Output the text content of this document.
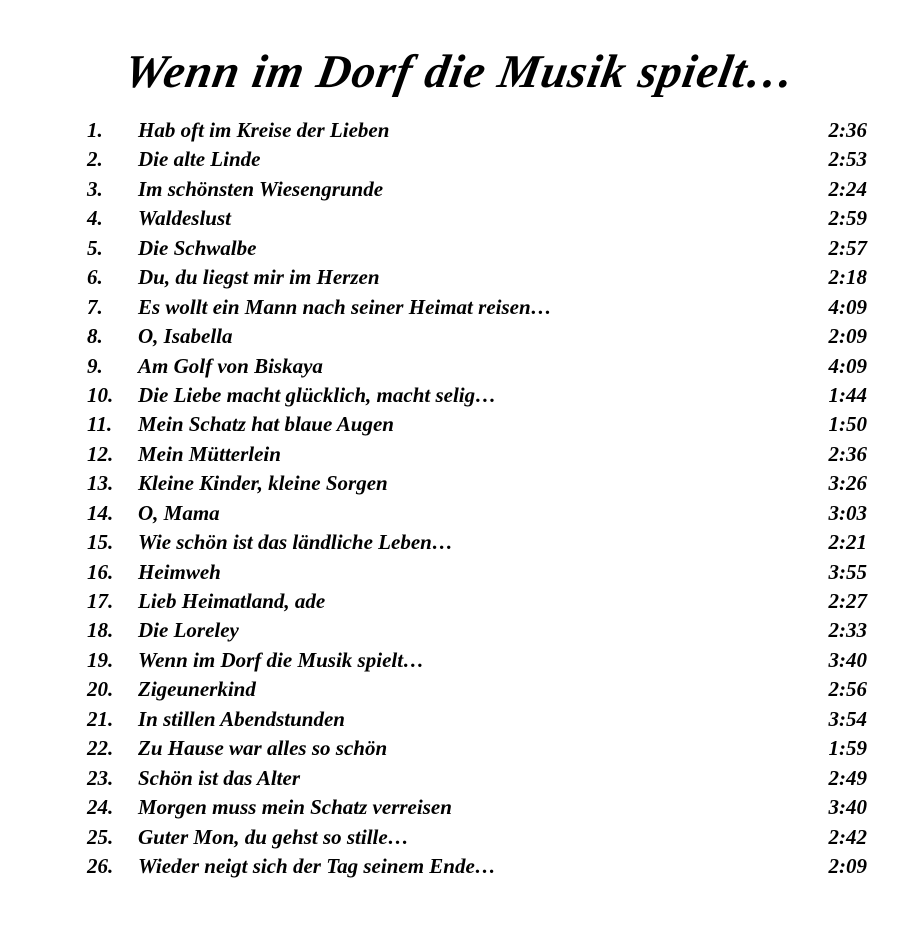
Wenn im Dorf die Musik spielt…
1. Hab oft im Kreise der Lieben	2:36
2. Die alte Linde	2:53
3. Im schönsten Wiesengrunde	2:24
4. Waldeslust	2:59
5. Die Schwalbe	2:57
6. Du, du liegst mir im Herzen	2:18
7. Es wollt ein Mann nach seiner Heimat reisen…	4:09
8. O, Isabella	2:09
9. Am Golf von Biskaya	4:09
10. Die Liebe macht glücklich, macht selig…	1:44
11. Mein Schatz hat blaue Augen	1:50
12. Mein Mütterlein	2:36
13. Kleine Kinder, kleine Sorgen	3:26
14. O, Mama	3:03
15. Wie schön ist das ländliche Leben…	2:21
16. Heimweh	3:55
17. Lieb Heimatland, ade	2:27
18. Die Loreley	2:33
19. Wenn im Dorf die Musik spielt…	3:40
20. Zigeunerkind	2:56
21. In stillen Abendstunden	3:54
22. Zu Hause war alles so schön	1:59
23. Schön ist das Alter	2:49
24. Morgen muss mein Schatz verreisen	3:40
25. Guter Mon, du gehst so stille…	2:42
26. Wieder neigt sich der Tag seinem Ende…	2:09
